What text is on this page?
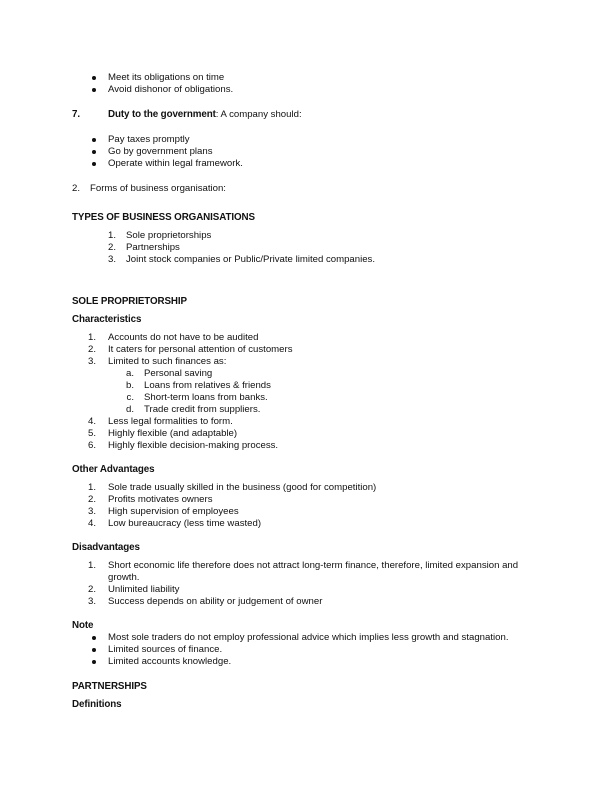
Meet its obligations on time
Avoid dishonor of obligations.
7.	Duty to the government: A company should:
Pay taxes promptly
Go by government plans
Operate within legal framework.
2. Forms of business organisation:
TYPES OF BUSINESS ORGANISATIONS
1. Sole proprietorships
2. Partnerships
3. Joint stock companies or Public/Private limited companies.
SOLE PROPRIETORSHIP
Characteristics
1. Accounts do not have to be audited
2. It caters for personal attention of customers
3. Limited to such finances as:
a. Personal saving
b. Loans from relatives & friends
c. Short-term loans from banks.
d. Trade credit from suppliers.
4. Less legal formalities to form.
5. Highly flexible (and adaptable)
6. Highly flexible decision-making process.
Other Advantages
1. Sole trade usually skilled in the business (good for competition)
2. Profits motivates owners
3. High supervision of employees
4. Low bureaucracy (less time wasted)
Disadvantages
1. Short economic life therefore does not attract long-term finance, therefore, limited expansion and
growth.
2. Unlimited liability
3. Success depends on ability or judgement of owner
Note
Most sole traders do not employ professional advice which implies less growth and stagnation.
Limited sources of finance.
Limited accounts knowledge.
PARTNERSHIPS
Definitions
